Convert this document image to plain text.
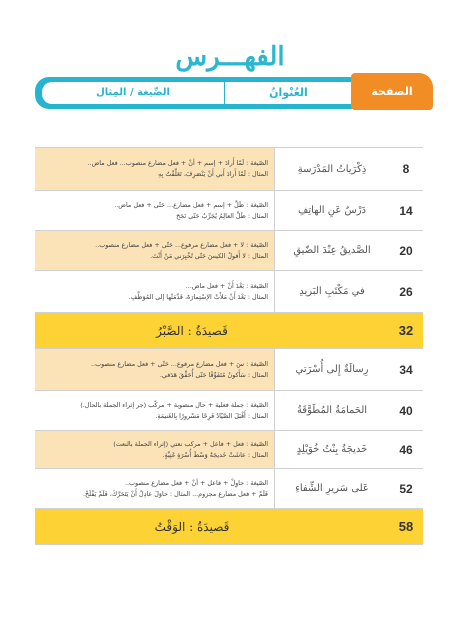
الفهـــرس
العُنْوانُ
الصِّيغة / المِثال	الصفحة
8
ذِكْرَياتُ المَدْرَسةِ
الصّيغة : لَمّا أَرادَ + إسم + أنْ + فعل مضارع منصوب... فعل ماض..
المثال : لَمّا أَرادَ أَبي أَنْ يَنْصَرِفَ، تَعَلَّقْتُ بِهِ
14
دَرْسٌ عَنِ الهاتِفِ
الصّيغة : ظَلَّ + إسم + فعل مضارع... حَتّى + فعل ماض..
المثال : ظَلَّ العالِمُ يُجَرِّبُ حَتّى نَجَحَ
20
الصَّديقُ عِنْدَ الضّيقِ
الصّيغة : لا + فعل مضارع مرفوع... حَتّى + فعل مضارع منصوب..
المثال : لا أَقولُ الكيسَ حَتّى تُخْبِرَني مَنْ أَنْتَ.
26
في مَكْتَبِ البَريدِ
الصّيغة : بَعْدَ أَنْ + فعل ماض...
المثال : بَعْدَ أَنْ مَلأَتْ الإسْتِمارَةَ، قَدَّمَتْها إلى المُوَظَّفِ.
32
قَصيدَةُ : الصَّبْرُ
34
رِسالَةٌ إِلى أُسْرَتي
الصّيغة : سَ + فعل مضارع مرفوع... حَتّى + فعل مضارع منصوب..
المثال : سَأَكونُ مُتَفَوِّقًا حَتّى أُحَقِّقَ هَدَفي.
40
الحَمامَةُ المُطَوَّقَةُ
الصّيغة : جملة فعلية + حال منصوبة + مركّب (جر إثراء الجملة بالحال.)
المثال : أَقْبَلَ الصَّيّادُ فَرِحًا مَسْرورًا بِالغَنيمَةِ.
46
خَديجَةُ بِنْتُ خُوَيْلِدٍ
الصّيغة : فعل + فاعل + مركب نعتي (إثراء الجملة بالنعت)
المثال : عاشَتْ خَديجَةُ وَسْطَ أُسْرَةٍ غَنِيَّةٍ.
52
عَلى سَريرِ الشِّفاءِ
الصّيغة : حاوِلْ + فاعل + أنْ + فعل مضارع منصوب..
فَلَمْ + فعل مضارع مجزوم... المثال : حاوَلَ عادِلٌ أَنْ يَتَحَرَّكَ، فَلَمْ يَفْلَحْ.
58
قَصيدَةُ : الوَقْتُ
